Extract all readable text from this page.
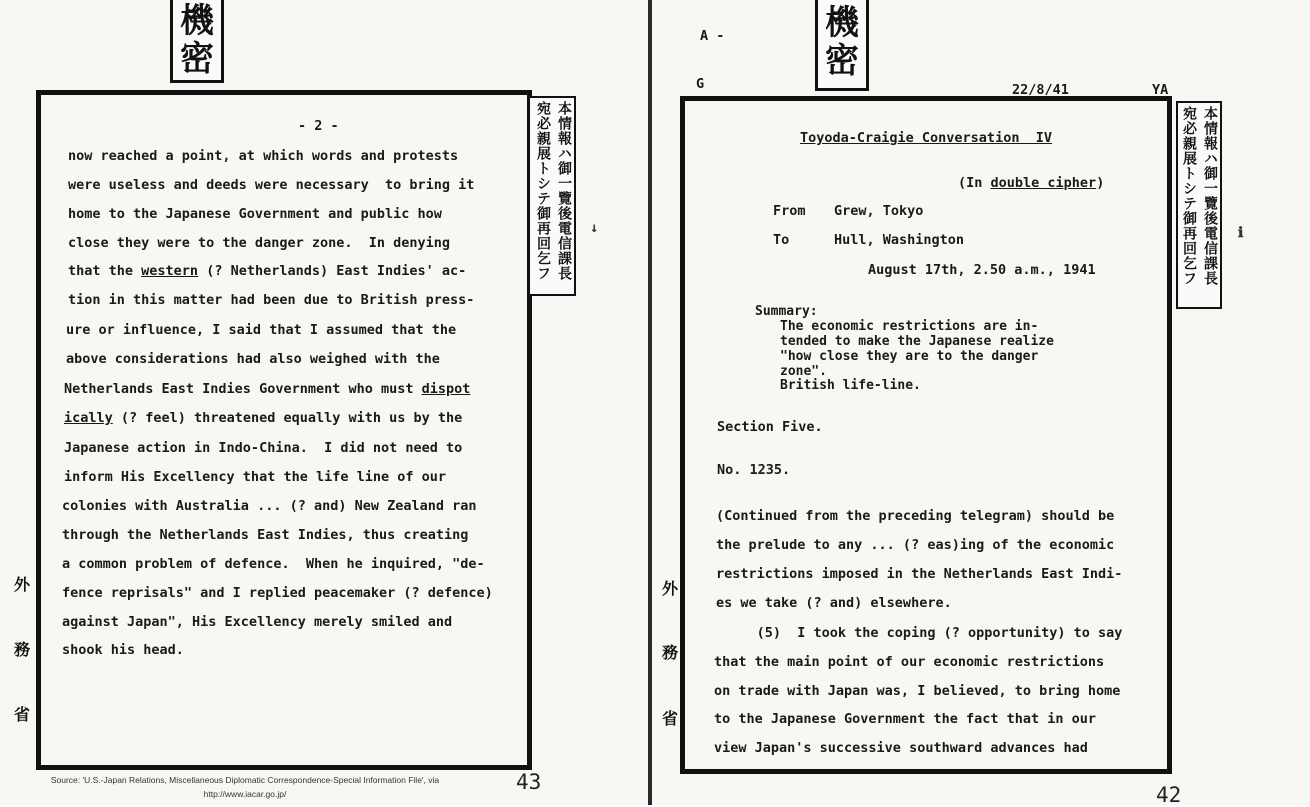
機
密
本情報ハ御一覽後電信課長
宛必親展トシテ御再回乞フ
外
務
省
- 2 -
now reached a point, at which words and protests
were useless and deeds were necessary  to bring it
home to the Japanese Government and public how
close they were to the danger zone.  In denying
that the western (? Netherlands) East Indies' ac-
tion in this matter had been due to British press-
ure or influence, I said that I assumed that the
above considerations had also weighed with the
Netherlands East Indies Government who must dispot
ically (? feel) threatened equally with us by the
Japanese action in Indo-China.  I did not need to
inform His Excellency that the life line of our
colonies with Australia ... (? and) New Zealand ran
through the Netherlands East Indies, thus creating
a common problem of defence.  When he inquired, "de-
fence reprisals" and I replied peacemaker (? defence)
against Japan", His Excellency merely smiled and
shook his head.
Source: 'U.S.-Japan Relations, Miscellaneous Diplomatic Correspondence-Special Information File', via http://www.iacar.go.jp/	43
↓
機
密
A -
G	22/8/41	YA
本情報ハ御一覽後電信課長
宛必親展トシテ御再回乞フ
外
務
省
Toyoda-Craigie Conversation  IV
(In double cipher)
From Grew, Tokyo
To	Hull, Washington
August 17th, 2.50 a.m., 1941
Summary:
The economic restrictions are in-
tended to make the Japanese realize
"how close they are to the danger
zone".
British life-line.
Section Five.
No. 1235.
(Continued from the preceding telegram) should be
the prelude to any ... (? eas)ing of the economic
restrictions imposed in the Netherlands East Indi-
es we take (? and) elsewhere.
(5)  I took the coping (? opportunity) to say
that the main point of our economic restrictions
on trade with Japan was, I believed, to bring home
to the Japanese Government the fact that in our
view Japan's successive southward advances had
42
ℹ
